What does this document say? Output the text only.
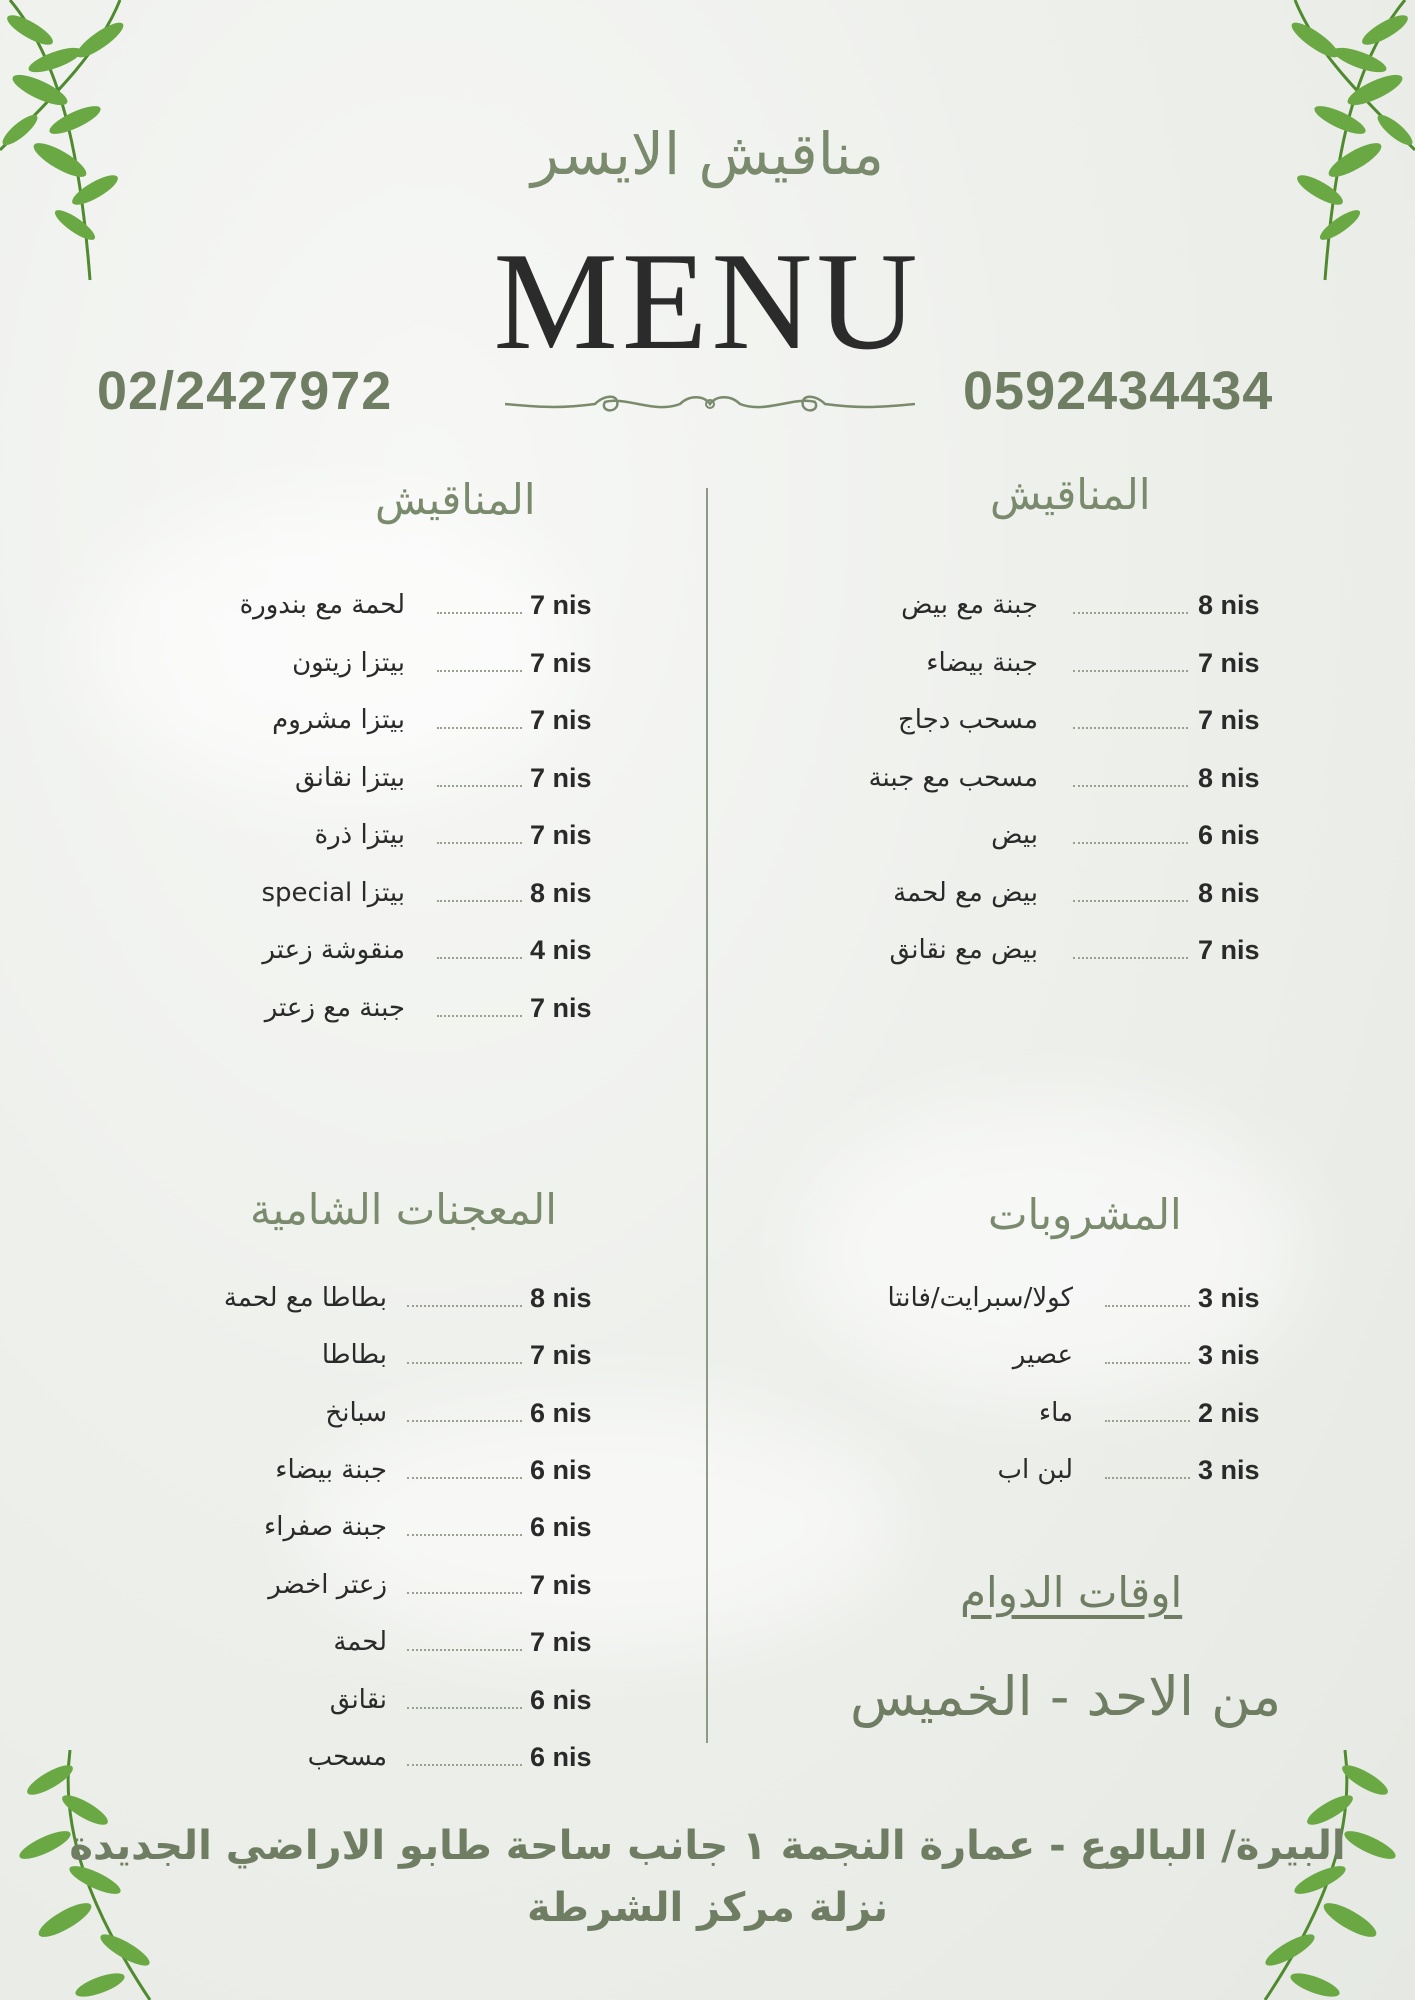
مناقيش الايسر
MENU
02/2427972	0592434434
المناقيش
المناقيش
المشروبات
المعجنات الشامية
8 nis
جبنة مع بيض
7 nis
جبنة بيضاء
7 nis
مسحب دجاج
8 nis
مسحب مع جبنة
6 nis
بيض
8 nis
بيض مع لحمة
7 nis
بيض مع نقانق
7 nis
لحمة مع بندورة
7 nis
بيتزا زيتون
7 nis
بيتزا مشروم
7 nis
بيتزا نقانق
7 nis
بيتزا ذرة
8 nis
بيتزا special
4 nis
منقوشة زعتر
7 nis
جبنة مع زعتر
3 nis
كولا/سبرايت/فانتا
3 nis
عصير
2 nis
ماء
3 nis
لبن اب
8 nis
بطاطا مع لحمة
7 nis
بطاطا
6 nis
سبانخ
6 nis
جبنة بيضاء
6 nis
جبنة صفراء
7 nis
زعتر اخضر
7 nis
لحمة
6 nis
نقانق
6 nis
مسحب
اوقات الدوام
من الاحد - الخميس
البيرة/ البالوع - عمارة النجمة ١ جانب ساحة طابو الاراضي الجديدة
نزلة مركز الشرطة
